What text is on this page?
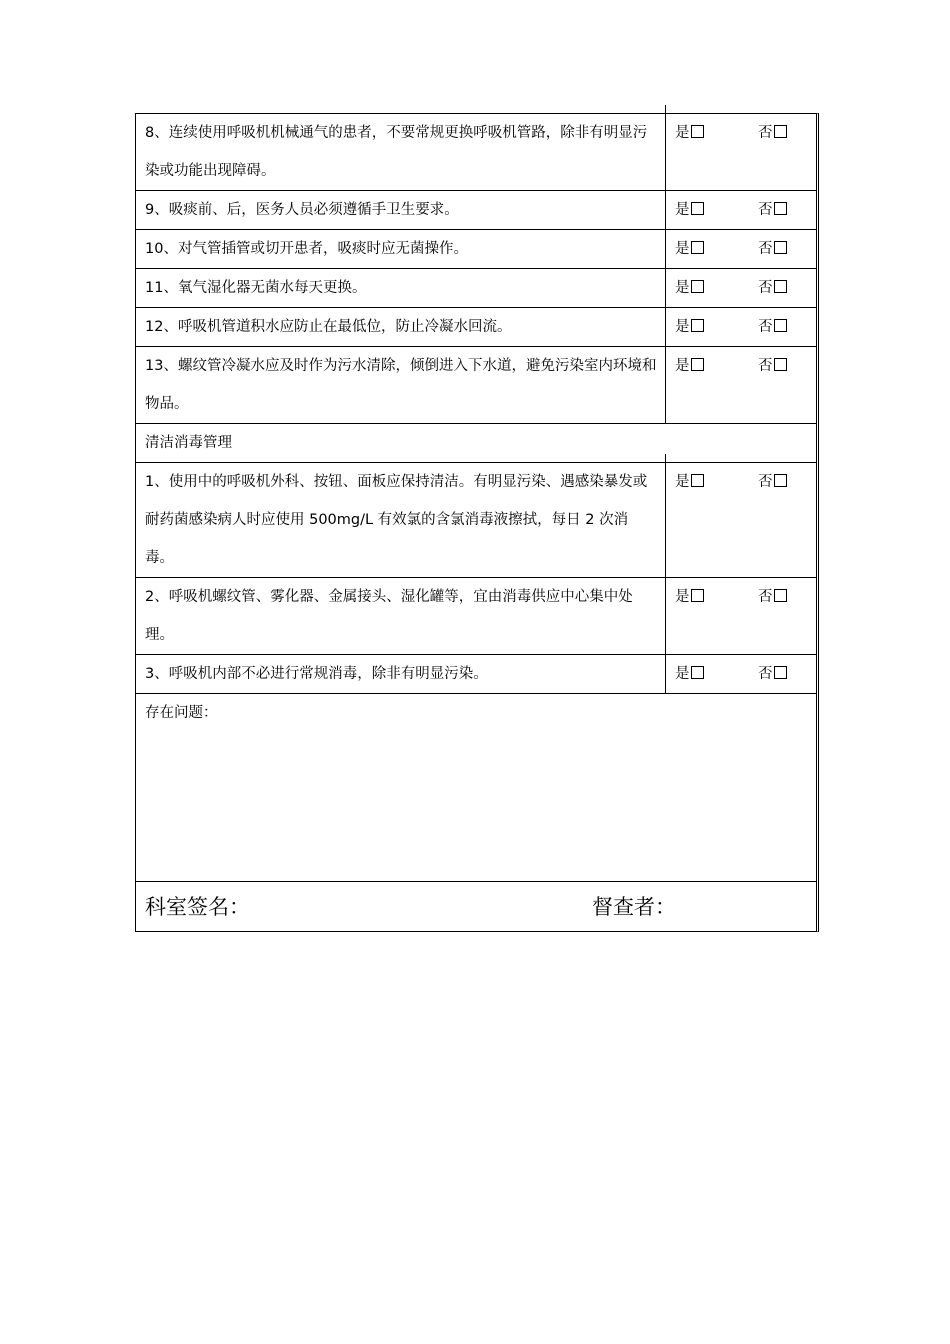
8、连续使用呼吸机机械通气的患者，不要常规更换呼吸机管路，除非有明显污染或功能出现障碍。
是	否
9、吸痰前、后，医务人员必须遵循手卫生要求。	是	否
10、对气管插管或切开患者，吸痰时应无菌操作。	是	否
11、氧气湿化器无菌水每天更换。	是	否
12、呼吸机管道积水应防止在最低位，防止冷凝水回流。	是	否
13、螺纹管冷凝水应及时作为污水清除，倾倒进入下水道，避免污染室内环境和物品。
是	否
清洁消毒管理
1、使用中的呼吸机外科、按钮、面板应保持清洁。有明显污染、遇感染暴发或耐药菌感染病人时应使用 500mg/L 有效氯的含氯消毒液擦拭，每日 2 次消毒。
是	否
2、呼吸机螺纹管、雾化器、金属接头、湿化罐等，宜由消毒供应中心集中处理。
是	否
3、呼吸机内部不必进行常规消毒，除非有明显污染。	是	否
存在问题：
科室签名：	督查者：
